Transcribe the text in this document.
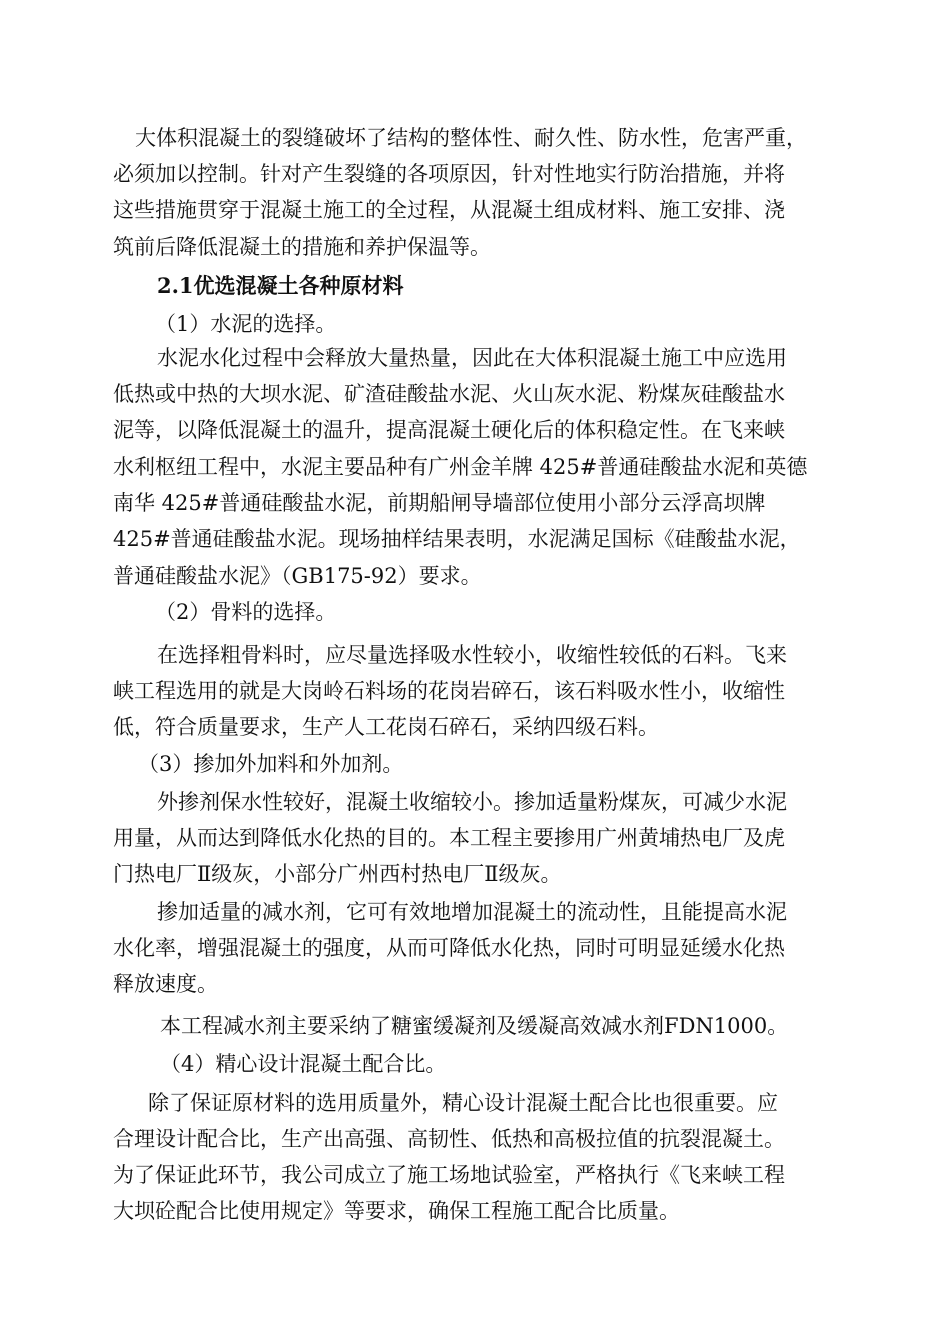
大体积混凝土的裂缝破坏了结构的整体性、耐久性、防水性，危害严重，
必须加以控制。针对产生裂缝的各项原因，针对性地实行防治措施，并将
这些措施贯穿于混凝土施工的全过程，从混凝土组成材料、施工安排、浇
筑前后降低混凝土的措施和养护保温等。
2.1优选混凝土各种原材料
（1）水泥的选择。
水泥水化过程中会释放大量热量，因此在大体积混凝土施工中应选用
低热或中热的大坝水泥、矿渣硅酸盐水泥、火山灰水泥、粉煤灰硅酸盐水
泥等，以降低混凝土的温升，提高混凝土硬化后的体积稳定性。在飞来峡
水利枢纽工程中，水泥主要品种有广州金羊牌 425#普通硅酸盐水泥和英德
南华 425#普通硅酸盐水泥，前期船闸导墙部位使用小部分云浮高坝牌
425#普通硅酸盐水泥。现场抽样结果表明，水泥满足国标《硅酸盐水泥，
普通硅酸盐水泥》（GB175-92）要求。
（2）骨料的选择。
在选择粗骨料时，应尽量选择吸水性较小，收缩性较低的石料。飞来
峡工程选用的就是大岗岭石料场的花岗岩碎石，该石料吸水性小，收缩性
低，符合质量要求，生产人工花岗石碎石，采纳四级石料。
（3）掺加外加料和外加剂。
外掺剂保水性较好，混凝土收缩较小。掺加适量粉煤灰，可减少水泥
用量，从而达到降低水化热的目的。本工程主要掺用广州黄埔热电厂及虎
门热电厂Ⅱ级灰，小部分广州西村热电厂Ⅱ级灰。
掺加适量的减水剂，它可有效地增加混凝土的流动性，且能提高水泥
水化率，增强混凝土的强度，从而可降低水化热，同时可明显延缓水化热
释放速度。
本工程减水剂主要采纳了糖蜜缓凝剂及缓凝高效减水剂FDN1000。
（4）精心设计混凝土配合比。
除了保证原材料的选用质量外，精心设计混凝土配合比也很重要。应
合理设计配合比，生产出高强、高韧性、低热和高极拉值的抗裂混凝土。
为了保证此环节，我公司成立了施工场地试验室，严格执行《飞来峡工程
大坝砼配合比使用规定》等要求，确保工程施工配合比质量。
